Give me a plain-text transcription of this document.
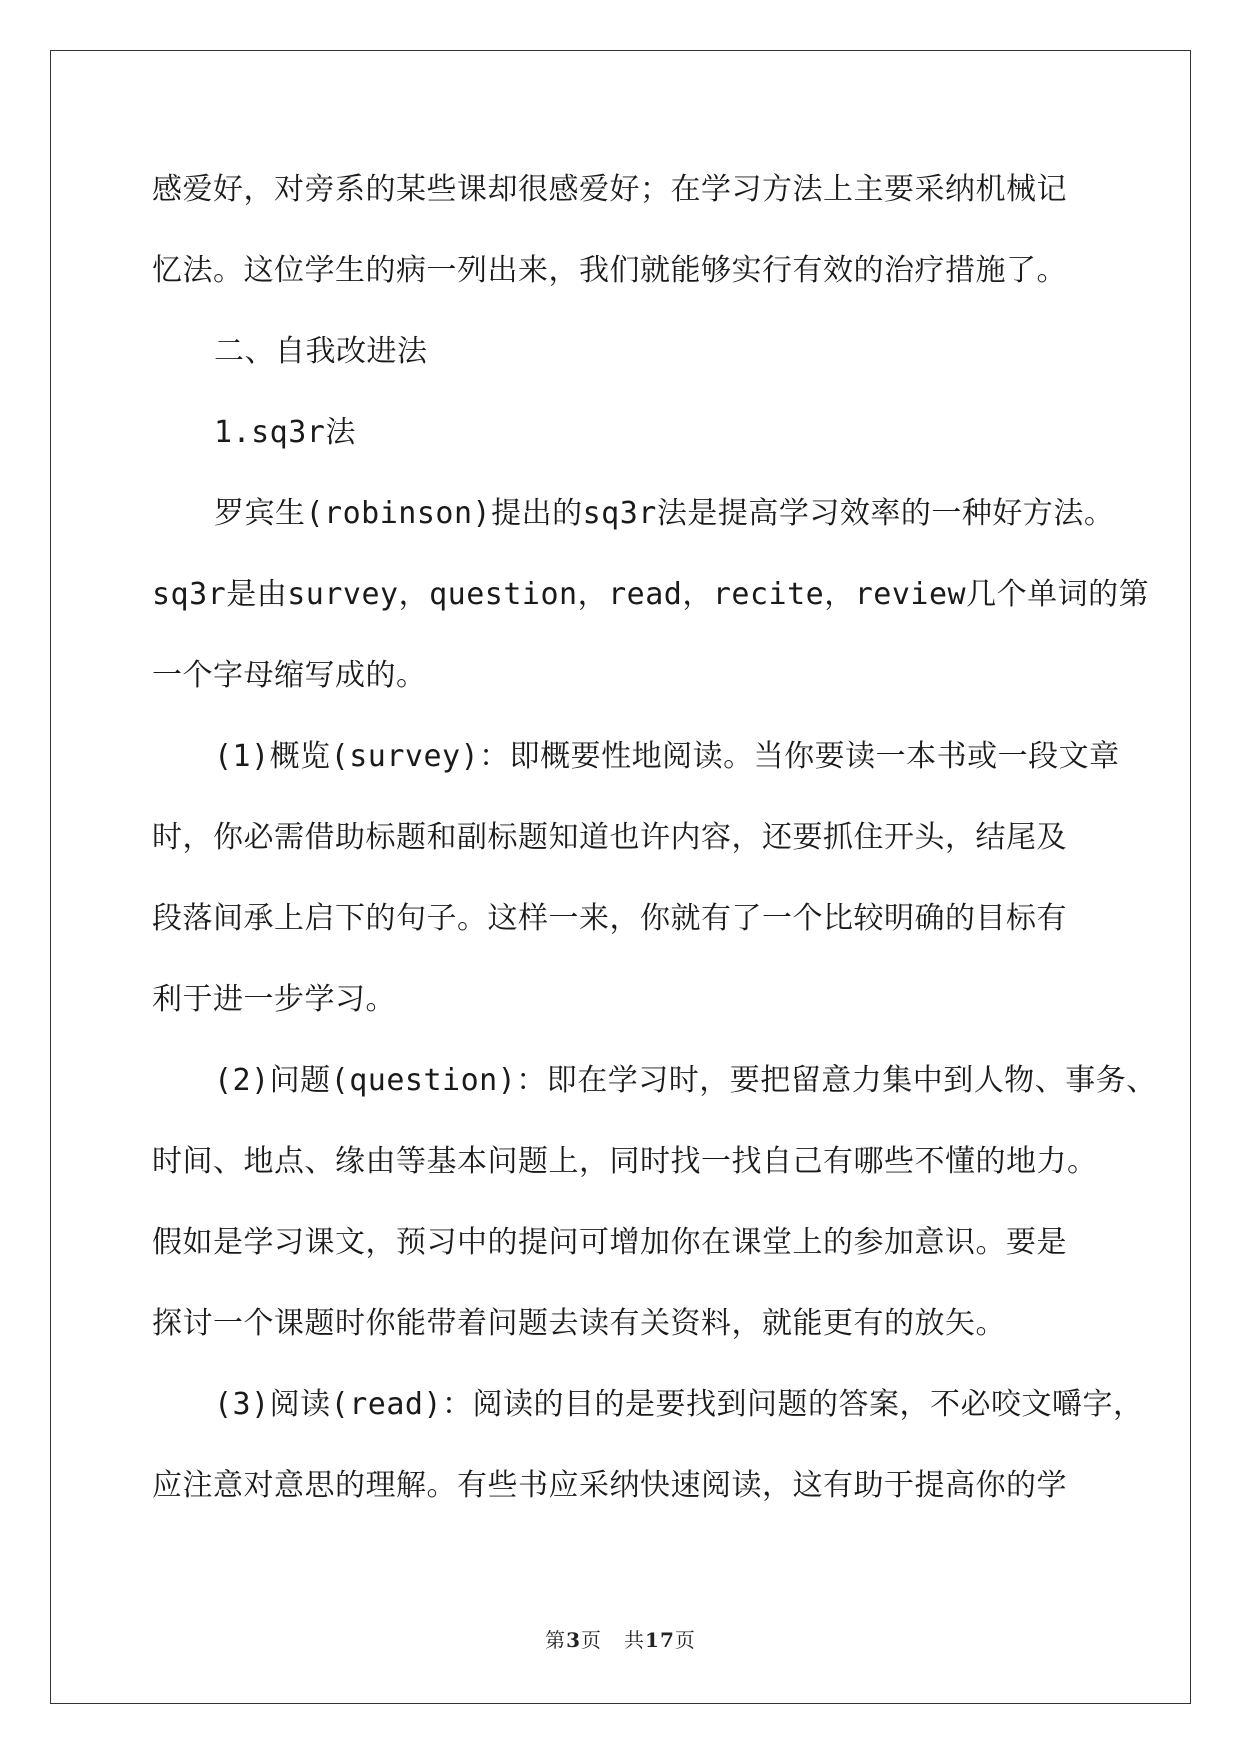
感爱好，对旁系的某些课却很感爱好；在学习方法上主要采纳机械记
忆法。这位学生的病一列出来，我们就能够实行有效的治疗措施了。
二、自我改进法
1.sq3r法
罗宾生(robinson)提出的sq3r法是提高学习效率的一种好方法。
sq3r是由survey，question，read，recite，review几个单词的第
一个字母缩写成的。
(1)概览(survey)：即概要性地阅读。当你要读一本书或一段文章
时，你必需借助标题和副标题知道也许内容，还要抓住开头，结尾及
段落间承上启下的句子。这样一来，你就有了一个比较明确的目标有
利于进一步学习。
(2)问题(question)：即在学习时，要把留意力集中到人物、事务、
时间、地点、缘由等基本问题上，同时找一找自己有哪些不懂的地力。
假如是学习课文，预习中的提问可增加你在课堂上的参加意识。要是
探讨一个课题时你能带着问题去读有关资料，就能更有的放矢。
(3)阅读(read)：阅读的目的是要找到问题的答案，不必咬文嚼字，
应注意对意思的理解。有些书应采纳快速阅读，这有助于提高你的学
第3页 共17页
